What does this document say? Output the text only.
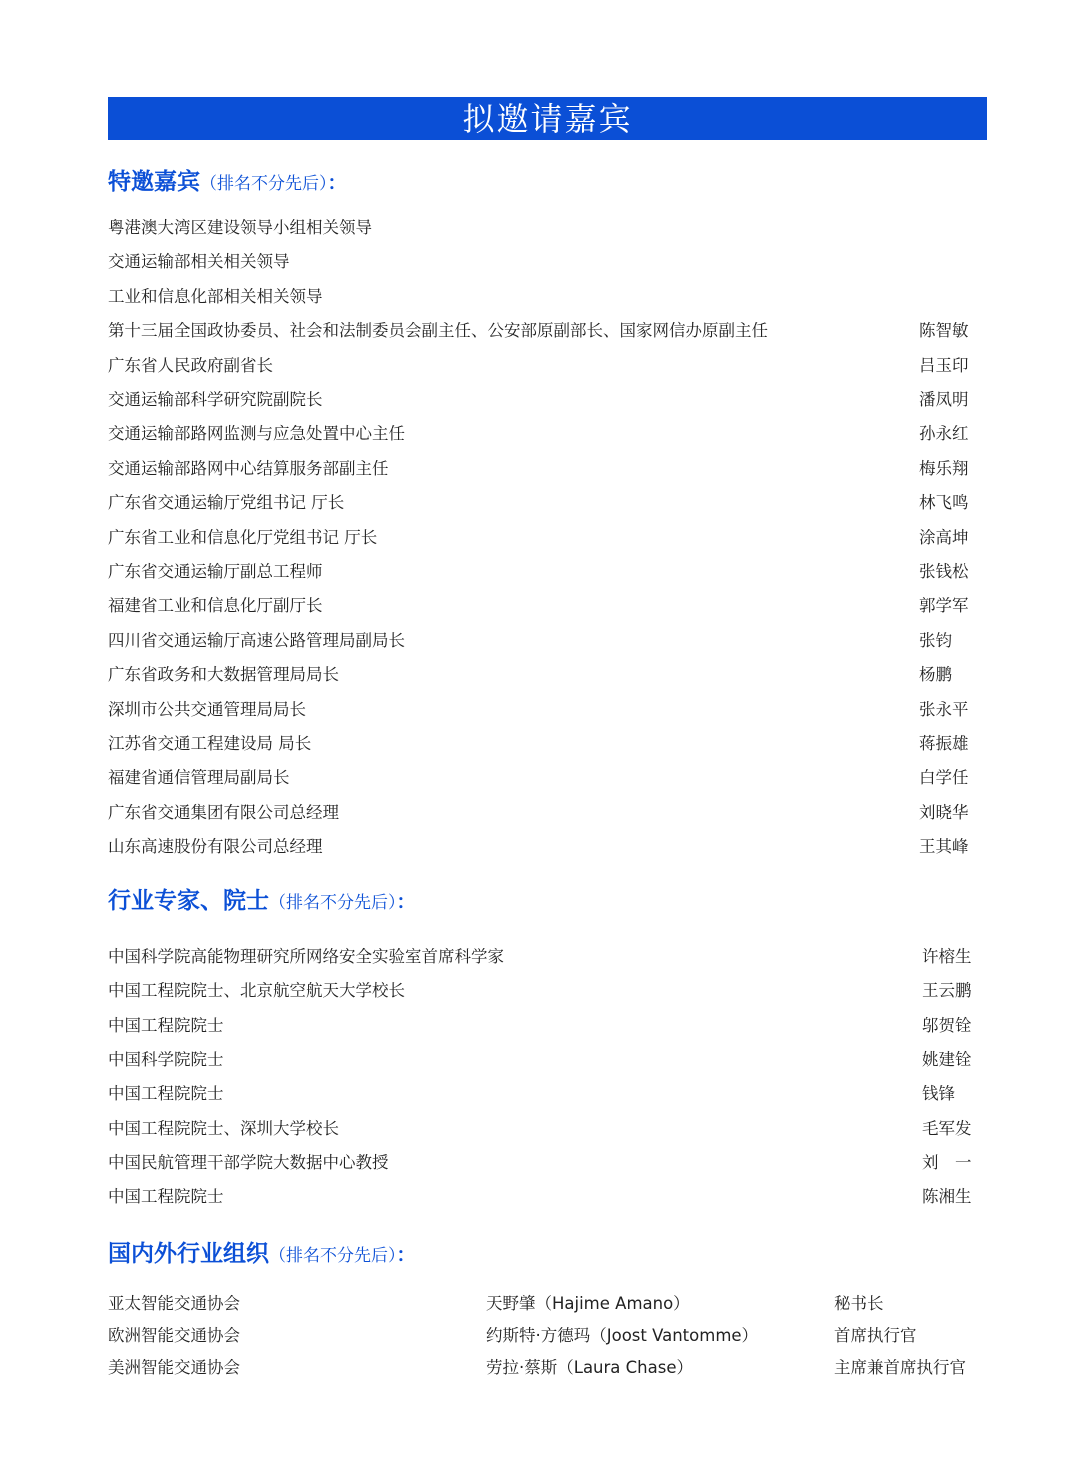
拟邀请嘉宾
特邀嘉宾（排名不分先后）：
粤港澳大湾区建设领导小组相关领导
交通运输部相关相关领导
工业和信息化部相关相关领导
第十三届全国政协委员、社会和法制委员会副主任、公安部原副部长、国家网信办原副主任	陈智敏
广东省人民政府副省长	吕玉印
交通运输部科学研究院副院长	潘凤明
交通运输部路网监测与应急处置中心主任	孙永红
交通运输部路网中心结算服务部副主任	梅乐翔
广东省交通运输厅党组书记 厅长	林飞鸣
广东省工业和信息化厅党组书记 厅长	涂高坤
广东省交通运输厅副总工程师	张钱松
福建省工业和信息化厅副厅长	郭学军
四川省交通运输厅高速公路管理局副局长	张钧
广东省政务和大数据管理局局长	杨鹏
深圳市公共交通管理局局长	张永平
江苏省交通工程建设局 局长	蒋振雄
福建省通信管理局副局长	白学任
广东省交通集团有限公司总经理	刘晓华
山东高速股份有限公司总经理	王其峰
行业专家、院士（排名不分先后）：
中国科学院高能物理研究所网络安全实验室首席科学家	许榕生
中国工程院院士、北京航空航天大学校长	王云鹏
中国工程院院士	邬贺铨
中国科学院院士	姚建铨
中国工程院院士	钱锋
中国工程院院士、深圳大学校长	毛军发
中国民航管理干部学院大数据中心教授	刘　一
中国工程院院士	陈湘生
国内外行业组织（排名不分先后）：
亚太智能交通协会	天野肇（Hajime Amano）	秘书长
欧洲智能交通协会	约斯特·方德玛（Joost Vantomme）	首席执行官
美洲智能交通协会	劳拉·蔡斯（Laura Chase）	主席兼首席执行官
